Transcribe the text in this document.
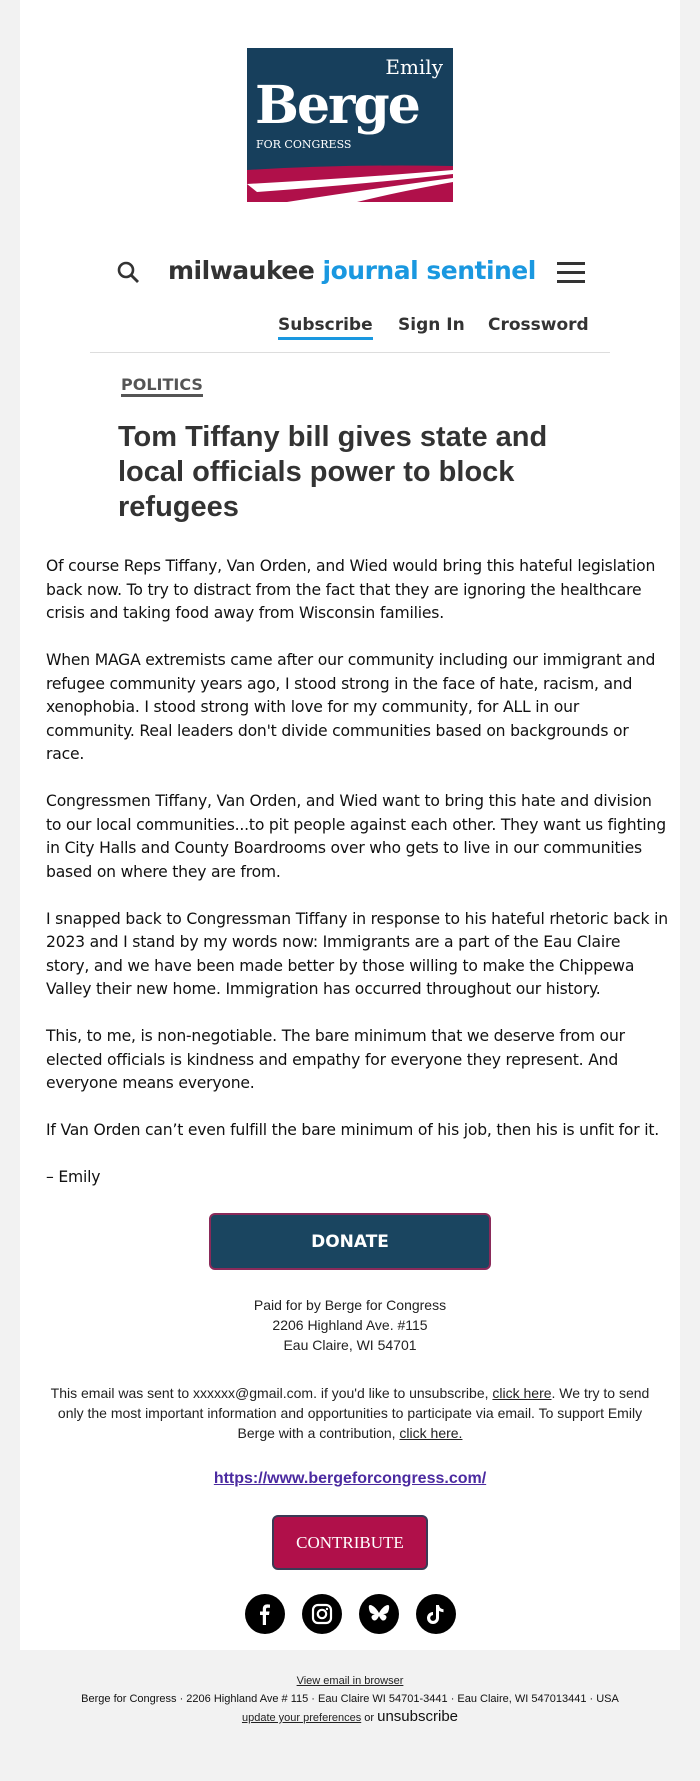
Emily
Berge
FOR CONGRESS
milwaukee journal sentinel
Subscribe Sign In Crossword
POLITICS
Tom Tiffany bill gives state and local officials power to block refugees

Of course Reps Tiffany, Van Orden, and Wied would bring this hateful legislation back now. To try to distract from the fact that they are ignoring the healthcare crisis and taking food away from Wisconsin families.

When MAGA extremists came after our community including our immigrant and refugee community years ago, I stood strong in the face of hate, racism, and xenophobia. I stood strong with love for my community, for ALL in our community. Real leaders don't divide communities based on backgrounds or race.

Congressmen Tiffany, Van Orden, and Wied want to bring this hate and division to our local communities...to pit people against each other. They want us fighting in City Halls and County Boardrooms over who gets to live in our communities based on where they are from.

I snapped back to Congressman Tiffany in response to his hateful rhetoric back in 2023 and I stand by my words now: Immigrants are a part of the Eau Claire story, and we have been made better by those willing to make the Chippewa Valley their new home. Immigration has occurred throughout our history.

This, to me, is non-negotiable. The bare minimum that we deserve from our elected officials is kindness and empathy for everyone they represent. And everyone means everyone.

If Van Orden can’t even fulfill the bare minimum of his job, then his is unfit for it.

– Emily

DONATE
Paid for by Berge for Congress
2206 Highland Ave. #115
Eau Claire, WI 54701
This email was sent to xxxxxx@gmail.com. if you'd like to unsubscribe, click here. We try to send only the most important information and opportunities to participate via email. To support Emily Berge with a contribution, click here.
https://www.bergeforcongress.com/
CONTRIBUTE
View email in browser
Berge for Congress · 2206 Highland Ave # 115 · Eau Claire WI 54701-3441 · Eau Claire, WI 547013441 · USA
update your preferences or unsubscribe
